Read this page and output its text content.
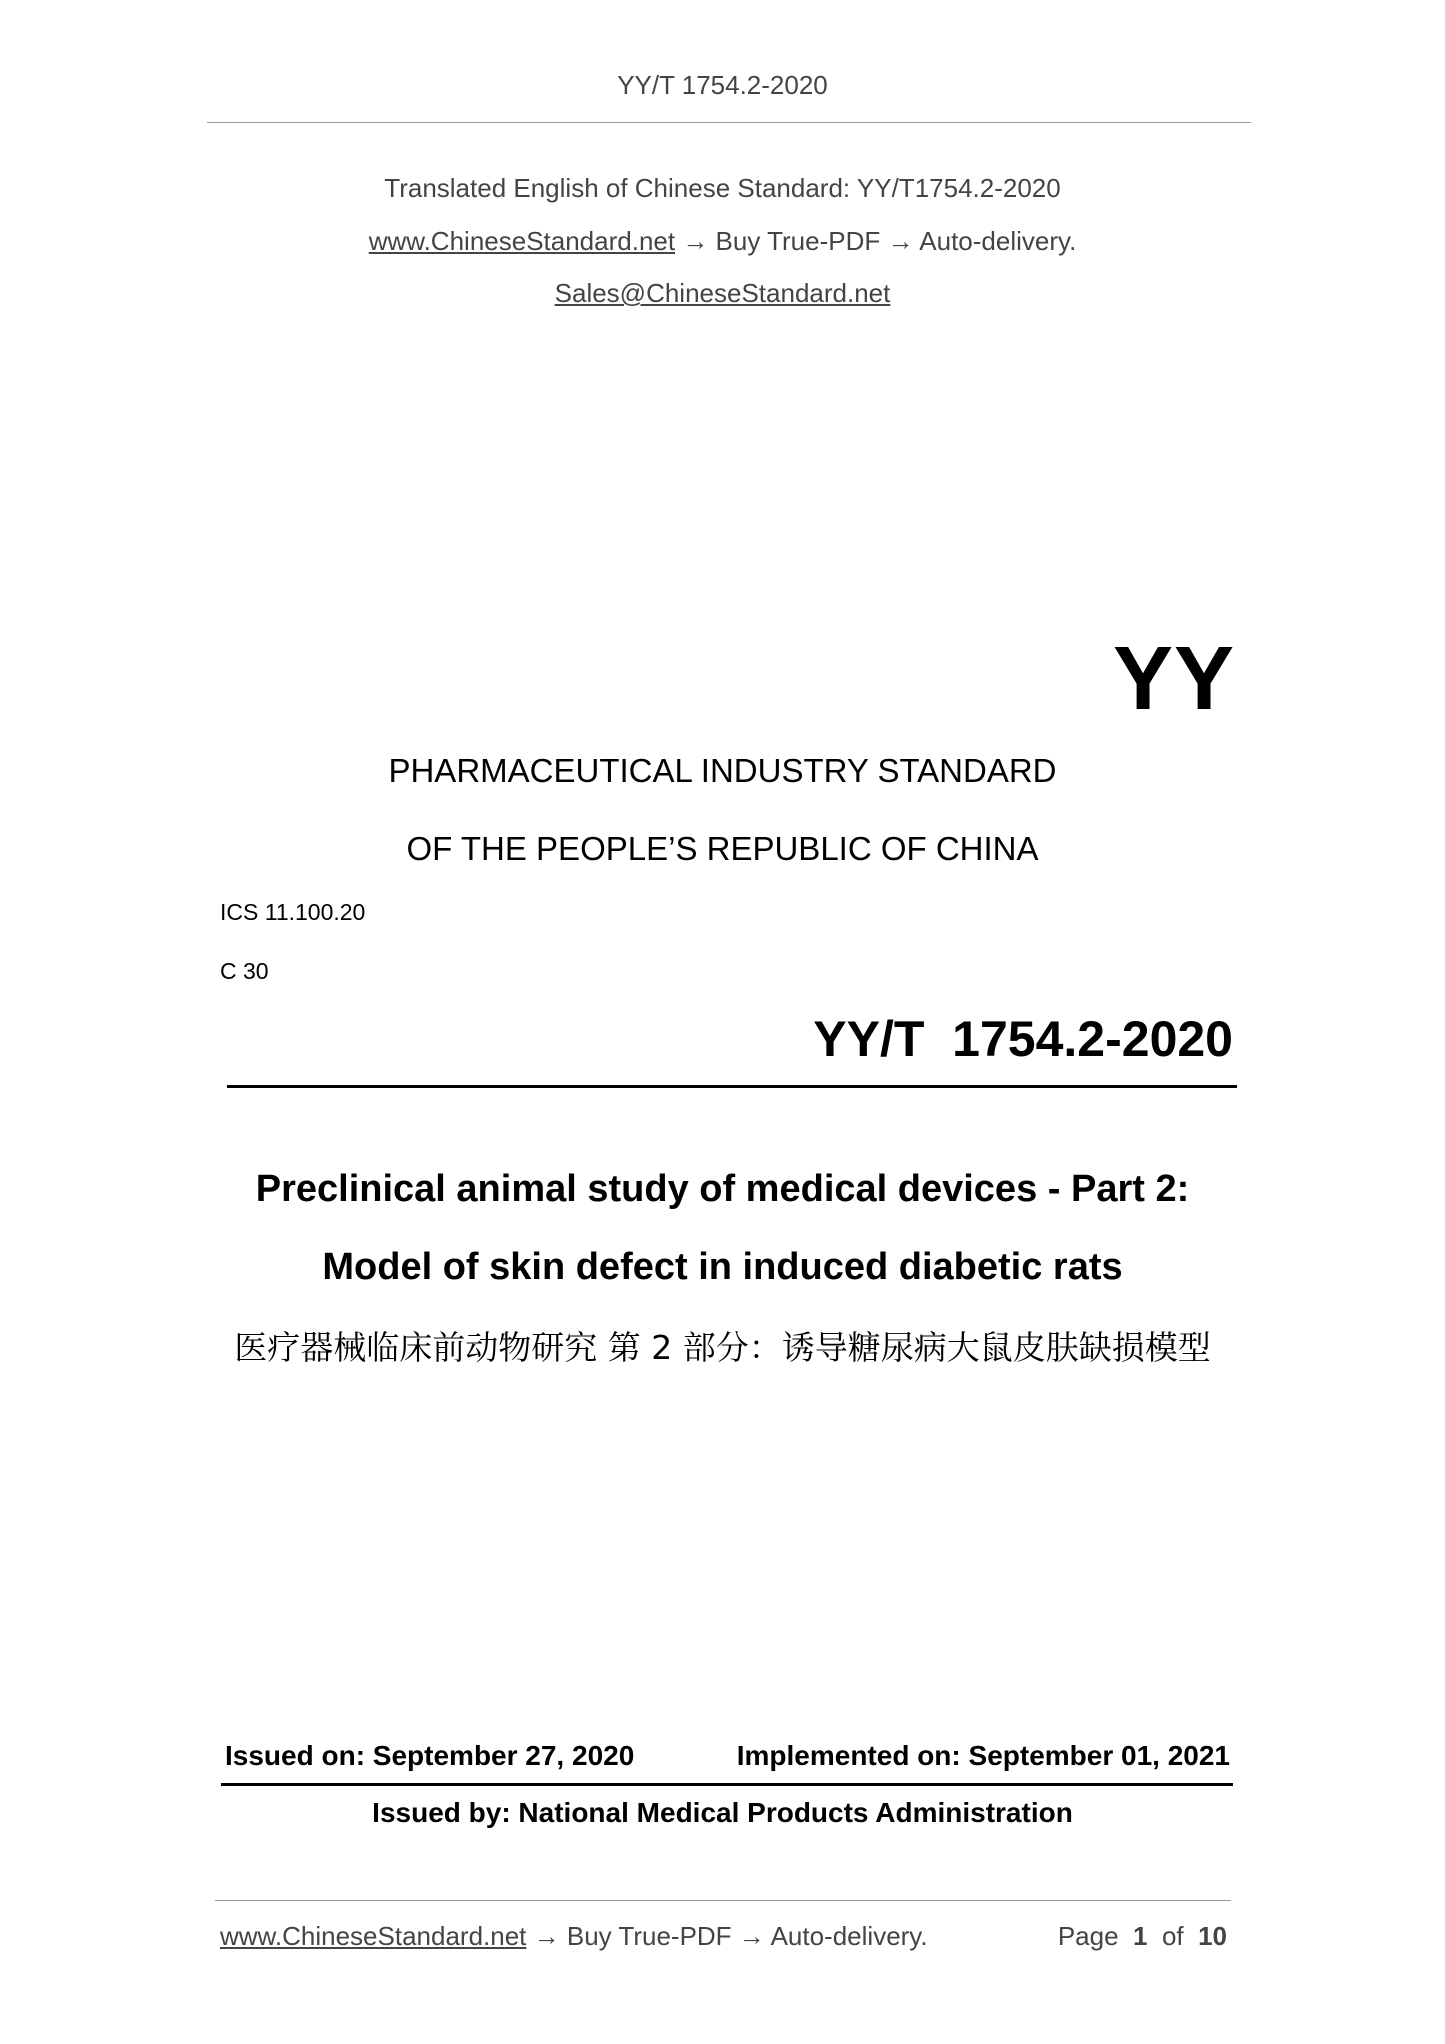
YY/T 1754.2-2020
Translated English of Chinese Standard: YY/T1754.2-2020
www.ChineseStandard.net → Buy True-PDF → Auto-delivery.
Sales@ChineseStandard.net
YY
PHARMACEUTICAL INDUSTRY STANDARD
OF THE PEOPLE’S REPUBLIC OF CHINA
ICS 11.100.20
C 30
YY/T  1754.2-2020
Preclinical animal study of medical devices - Part 2:
Model of skin defect in induced diabetic rats
医疗器械临床前动物研究 第 2 部分：诱导糖尿病大鼠皮肤缺损模型
Issued on: September 27, 2020	Implemented on: September 01, 2021
Issued by: National Medical Products Administration
www.ChineseStandard.net → Buy True-PDF → Auto-delivery.	Page 1 of 10
